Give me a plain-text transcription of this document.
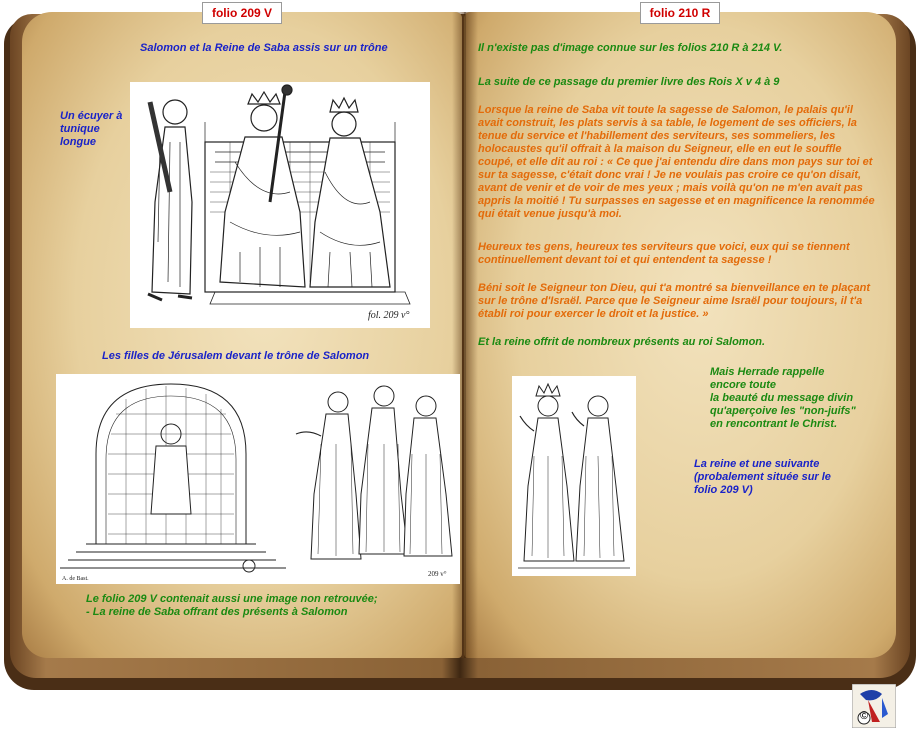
folio 209 V	folio 210 R
Salomon et la Reine de Saba assis sur un trône
Un écuyer à
tunique
longue
fol. 209 v°
Les filles de Jérusalem devant le trône de Salomon
A. de Bast.
209 v°
Le folio 209 V contenait aussi une image non retrouvée;
- La reine de Saba offrant des présents à Salomon
Il n'existe pas d'image connue sur les folios 210 R à 214 V.
La suite de ce passage du premier livre des Rois X v 4 à 9
Lorsque la reine de Saba vit toute la sagesse de Salomon, le palais qu'il
avait construit, les plats servis à sa table, le logement de ses officiers, la
tenue du service et l'habillement des serviteurs, ses sommeliers, les
holocaustes qu'il offrait à la maison du Seigneur, elle en eut le souffle
coupé, et elle dit au roi : « Ce que j'ai entendu dire dans mon pays sur toi et
sur ta sagesse, c'était donc vrai ! Je ne voulais pas croire ce qu'on disait,
avant de venir et de voir de mes yeux ; mais voilà qu'on ne m'en avait pas
appris la moitié ! Tu surpasses en sagesse et en magnificence la renommée
qui était venue jusqu'à moi.
Heureux tes gens, heureux tes serviteurs que voici, eux qui se tiennent
continuellement devant toi et qui entendent ta sagesse !
Béni soit le Seigneur ton Dieu, qui t'a montré sa bienveillance en te plaçant
sur le trône d'Israël. Parce que le Seigneur aime Israël pour toujours, il t'a
établi roi pour exercer le droit et la justice. »
Et la reine offrit de nombreux présents au roi Salomon.
Mais Herrade rappelle
encore toute
la beauté du message divin
qu'aperçoive les "non-juifs"
en rencontrant le Christ.
La reine et une suivante
(probalement située sur le
folio 209 V)
©
